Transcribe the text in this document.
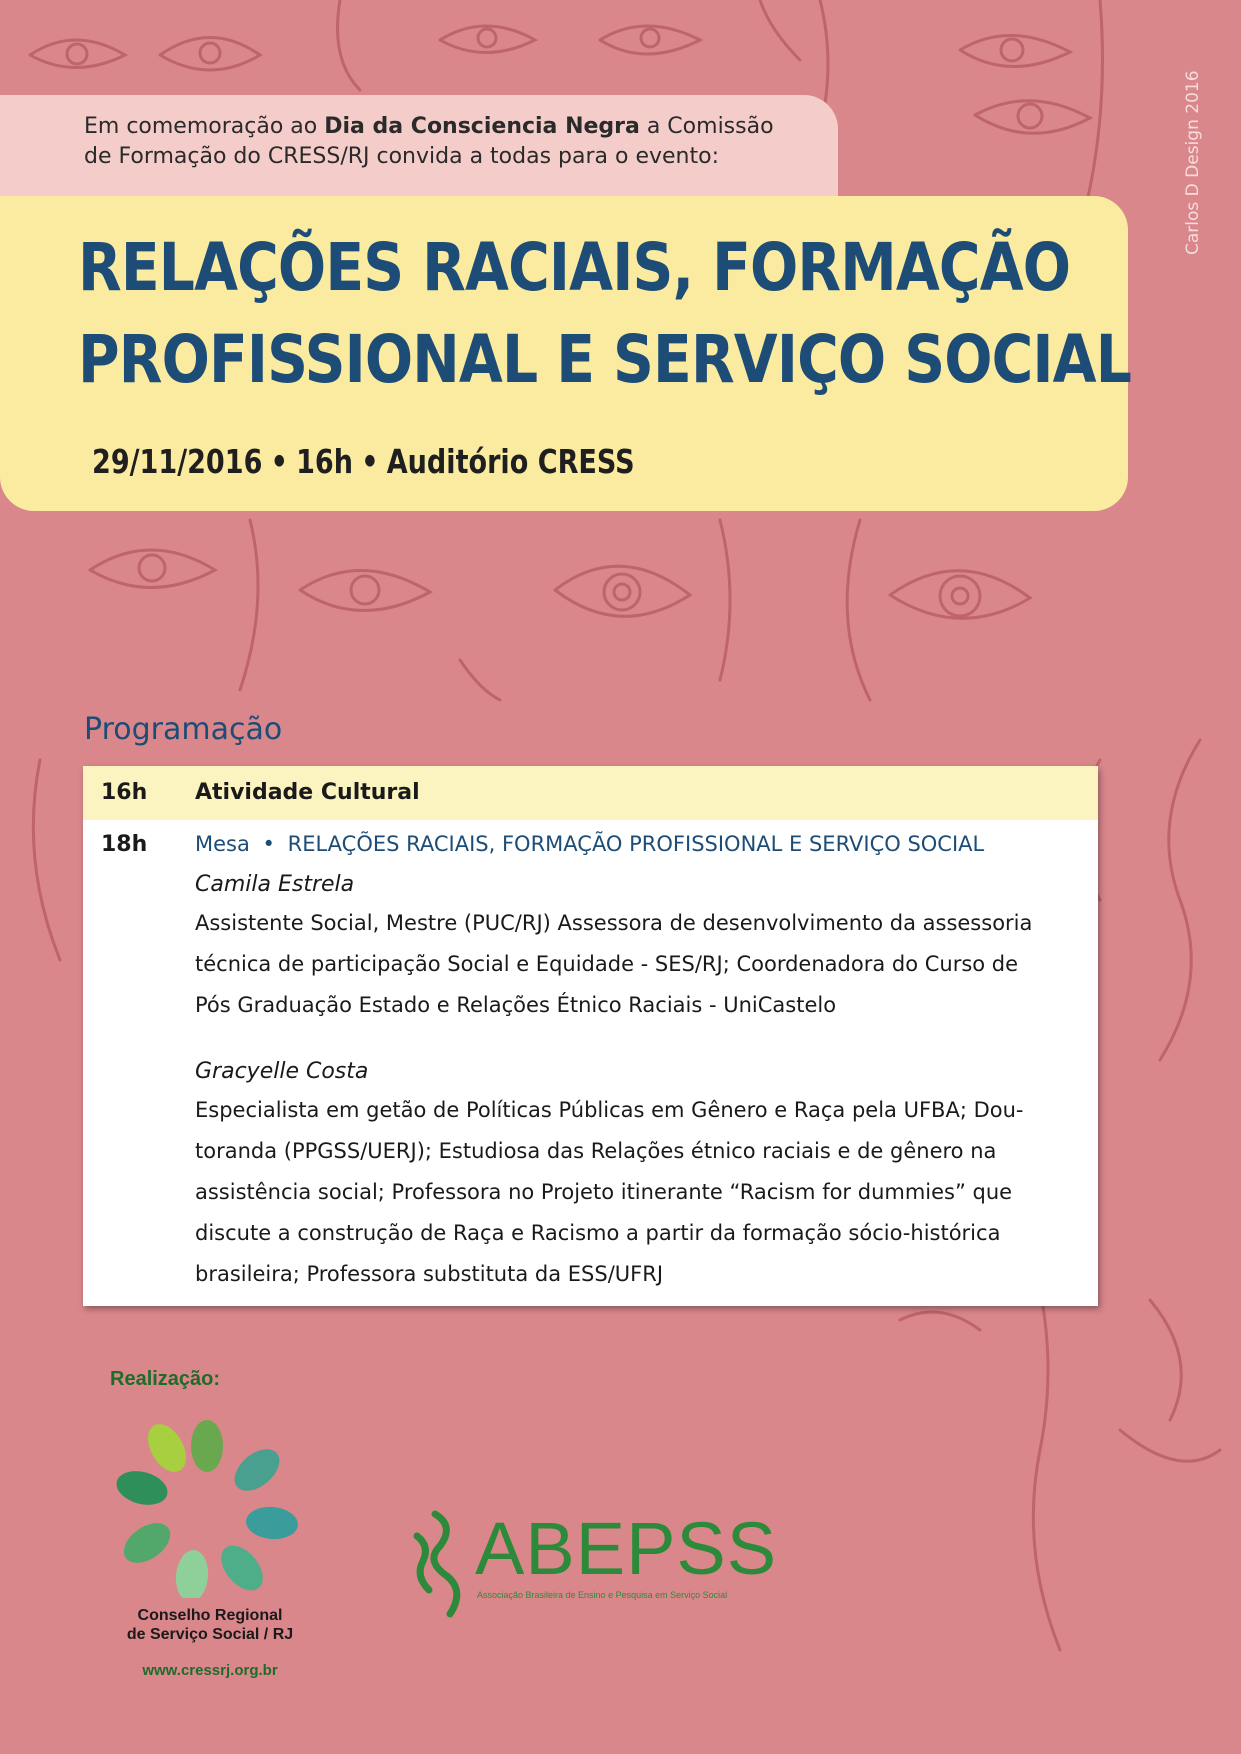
Carlos D Design 2016
Em comemoração ao Dia da Consciencia Negra a Comissão
de Formação do CRESS/RJ convida a todas para o evento:
RELAÇÕES RACIAIS, FORMAÇÃO
PROFISSIONAL E SERVIÇO SOCIAL
29/11/2016 • 16h • Auditório CRESS
Programação
16h Atividade Cultural
18h Mesa • RELAÇÕES RACIAIS, FORMAÇÃO PROFISSIONAL E SERVIÇO SOCIAL
Camila Estrela
Assistente Social, Mestre (PUC/RJ) Assessora de desenvolvimento da assessoria
técnica de participação Social e Equidade - SES/RJ; Coordenadora do Curso de
Pós Graduação Estado e Relações Étnico Raciais - UniCastelo
Gracyelle Costa
Especialista em getão de Políticas Públicas em Gênero e Raça pela UFBA; Dou-
toranda (PPGSS/UERJ); Estudiosa das Relações étnico raciais e de gênero na
assistência social; Professora no Projeto itinerante “Racism for dummies” que
discute a construção de Raça e Racismo a partir da formação sócio-histórica
brasileira; Professora substituta da ESS/UFRJ
Realização:
Conselho Regional
de Serviço Social / RJ
www.cressrj.org.br
ABEPSS
Associação Brasileira de Ensino e Pesquisa em Serviço Social
